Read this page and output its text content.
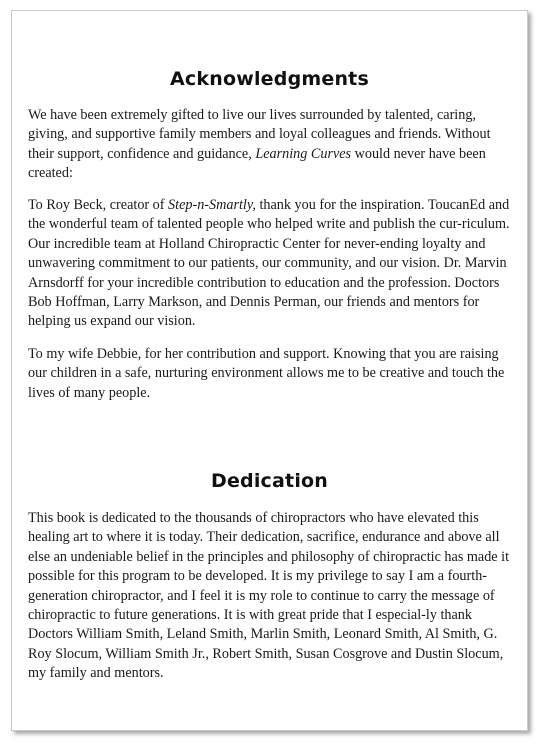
Acknowledgments

We have been extremely gifted to live our lives surrounded by talented, caring, giving, and supportive family members and loyal colleagues and friends. Without their support, confidence and guidance, Learning Curves would never have been created:

To Roy Beck, creator of Step-n-Smartly, thank you for the inspiration. ToucanEd and the wonderful team of talented people who helped write and publish the cur-riculum. Our incredible team at Holland Chiropractic Center for never-ending loyalty and unwavering commitment to our patients, our community, and our vision. Dr. Marvin Arnsdorff for your incredible contribution to education and the profession. Doctors Bob Hoffman, Larry Markson, and Dennis Perman, our friends and mentors for helping us expand our vision.

To my wife Debbie, for her contribution and support. Knowing that you are raising our children in a safe, nurturing environment allows me to be creative and touch the lives of many people.

Dedication

This book is dedicated to the thousands of chiropractors who have elevated this healing art to where it is today. Their dedication, sacrifice, endurance and above all else an undeniable belief in the principles and philosophy of chiropractic has made it possible for this program to be developed. It is my privilege to say I am a fourth-generation chiropractor, and I feel it is my role to continue to carry the message of chiropractic to future generations. It is with great pride that I especial-ly thank Doctors William Smith, Leland Smith, Marlin Smith, Leonard Smith, Al Smith, G. Roy Slocum, William Smith Jr., Robert Smith, Susan Cosgrove and Dustin Slocum, my family and mentors.
